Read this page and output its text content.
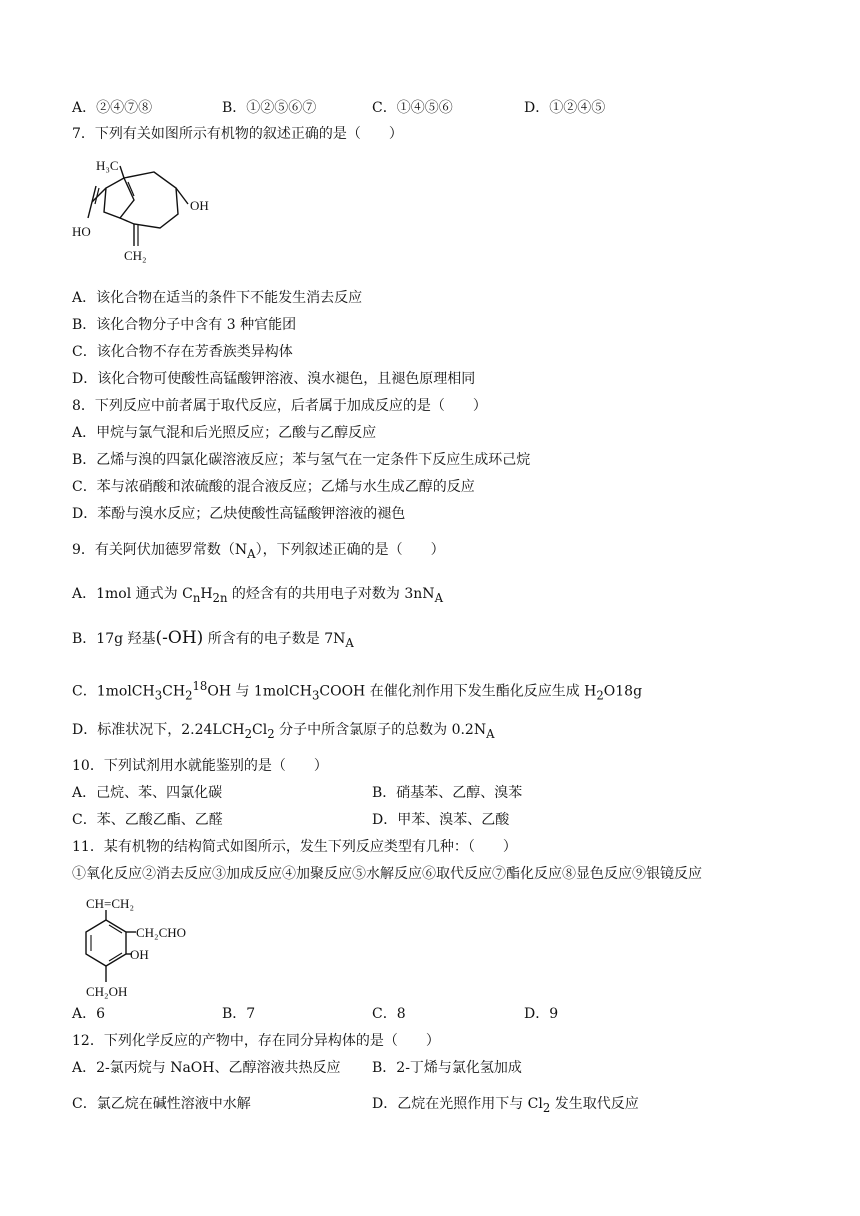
A．②④⑦⑧	B．①②⑤⑥⑦	C．①④⑤⑥	D．①②④⑤
7．下列有关如图所示有机物的叙述正确的是（　　）
H₃C
OH
HO
CH₂
A．该化合物在适当的条件下不能发生消去反应
B．该化合物分子中含有 3 种官能团
C．该化合物不存在芳香族类异构体
D．该化合物可使酸性高锰酸钾溶液、溴水褪色，且褪色原理相同
8．下列反应中前者属于取代反应，后者属于加成反应的是（　　）
A．甲烷与氯气混和后光照反应；乙酸与乙醇反应
B．乙烯与溴的四氯化碳溶液反应；苯与氢气在一定条件下反应生成环己烷
C．苯与浓硝酸和浓硫酸的混合液反应；乙烯与水生成乙醇的反应
D．苯酚与溴水反应；乙炔使酸性高锰酸钾溶液的褪色
9．有关阿伏加德罗常数$(N_A)$，下列叙述正确的是（　　）
A．1mol 通式为 $C_nH_{2n}$ 的烃含有的共用电子对数为 $3nN_A$
B．17g 羟基(-OH) 所含有的电子数是 $7N_A$
C．$1molCH_3CH_2^{18}OH$ 与 1molCH$_3$COOH 在催化剂作用下发生酯化反应生成 $H_2O18g$
D．标准状况下，$2.24LCH_2Cl_2$ 分子中所含氯原子的总数为 $0.2N_A$
10．下列试剂用水就能鉴别的是（　　）
A．己烷、苯、四氯化碳	B．硝基苯、乙醇、溴苯
C．苯、乙酸乙酯、乙醛	D．甲苯、溴苯、乙酸
11．某有机物的结构简式如图所示，发生下列反应类型有几种：（　　）
①氧化反应②消去反应③加成反应④加聚反应⑤水解反应⑥取代反应⑦酯化反应⑧显色反应⑨银镜反应
CH=CH₂
CH₂CHO
OH
CH₂OH
A．6	B．7	C．8	D．9
12．下列化学反应的产物中，存在同分异构体的是（　　）
A．2-氯丙烷与 NaOH、乙醇溶液共热反应 B．2-丁烯与氯化氢加成
C．氯乙烷在碱性溶液中水解	D．乙烷在光照作用下与 $Cl_2$ 发生取代反应
